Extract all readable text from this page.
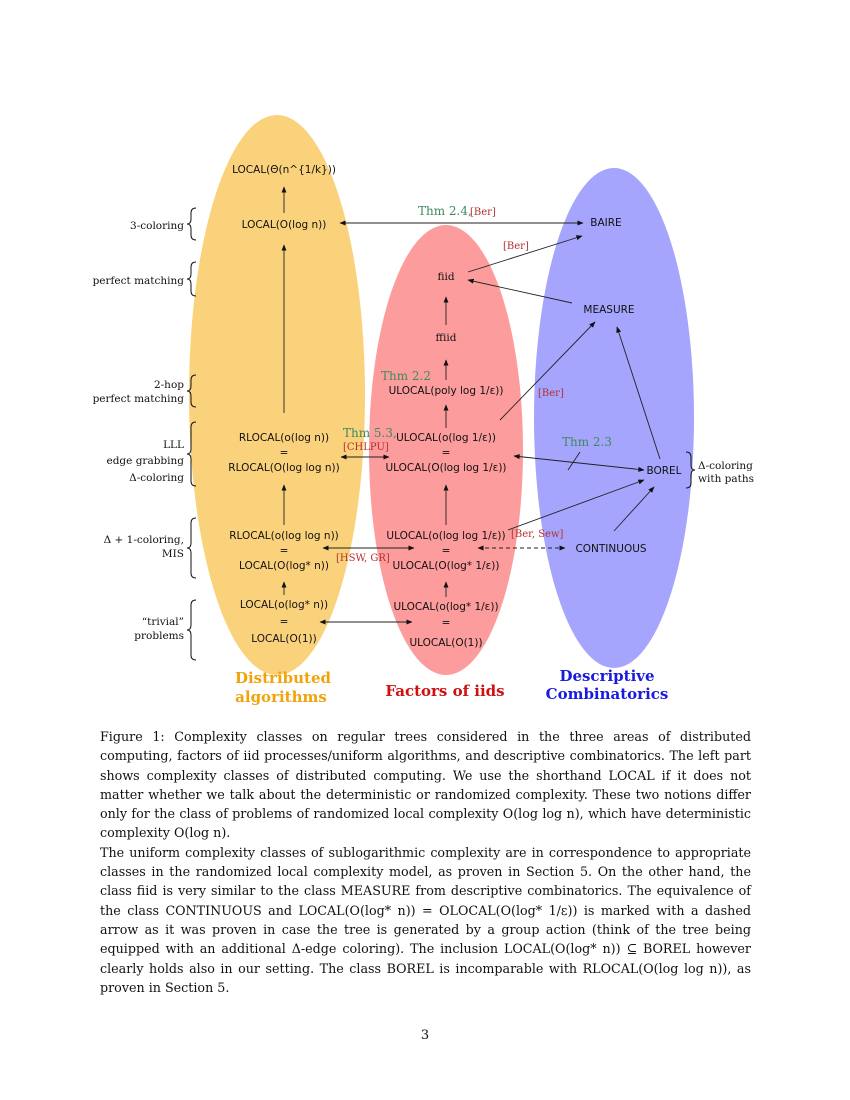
Distributed
algorithms	Factors of iids
Descriptive
Combinatorics
3-coloring
perfect matching
2-hop
perfect matching
LLL
edge grabbing
Δ-coloring
Δ + 1-coloring,
MIS
“trivial”
problems
Δ-coloring
with paths
LOCAL(Θ(n^{1/k}))
LOCAL(O(log n))
RLOCAL(o(log n))
=
RLOCAL(O(log log n))
RLOCAL(o(log log n))
=
LOCAL(O(log* n))
LOCAL(o(log* n))
=
LOCAL(O(1))
fiid
ffiid
ULOCAL(poly log 1/ε))
ULOCAL(o(log 1/ε))
=
ULOCAL(O(log log 1/ε))
ULOCAL(o(log log 1/ε))
=
ULOCAL(O(log* 1/ε))
ULOCAL(o(log* 1/ε))
=
ULOCAL(O(1))
BAIRE
MEASURE
BOREL
CONTINUOUS
Thm 2.4,
[Ber]
[Ber]
Thm 2.2
[Ber]
Thm 5.3,
[CHLPU]	Thm 2.3
[Ber, Sew]
[HSW, GR]

Figure 1: Complexity classes on regular trees considered in the three areas of distributed computing, factors of iid processes/uniform algorithms, and descriptive combinatorics. The left part shows complexity classes of distributed computing. We use the shorthand LOCAL if it does not matter whether we talk about the deterministic or randomized complexity. These two notions differ only for the class of problems of randomized local complexity O(log log n), which have deterministic complexity O(log n).

The uniform complexity classes of sublogarithmic complexity are in correspondence to appropriate classes in the randomized local complexity model, as proven in Section 5. On the other hand, the class fiid is very similar to the class MEASURE from descriptive combinatorics. The equivalence of the class CONTINUOUS and LOCAL(O(log* n)) = OLOCAL(O(log* 1/ε)) is marked with a dashed arrow as it was proven in case the tree is generated by a group action (think of the tree being equipped with an additional Δ-edge coloring). The inclusion LOCAL(O(log* n)) ⊆ BOREL however clearly holds also in our setting. The class BOREL is incomparable with RLOCAL(O(log log n)), as proven in Section 5.

3
